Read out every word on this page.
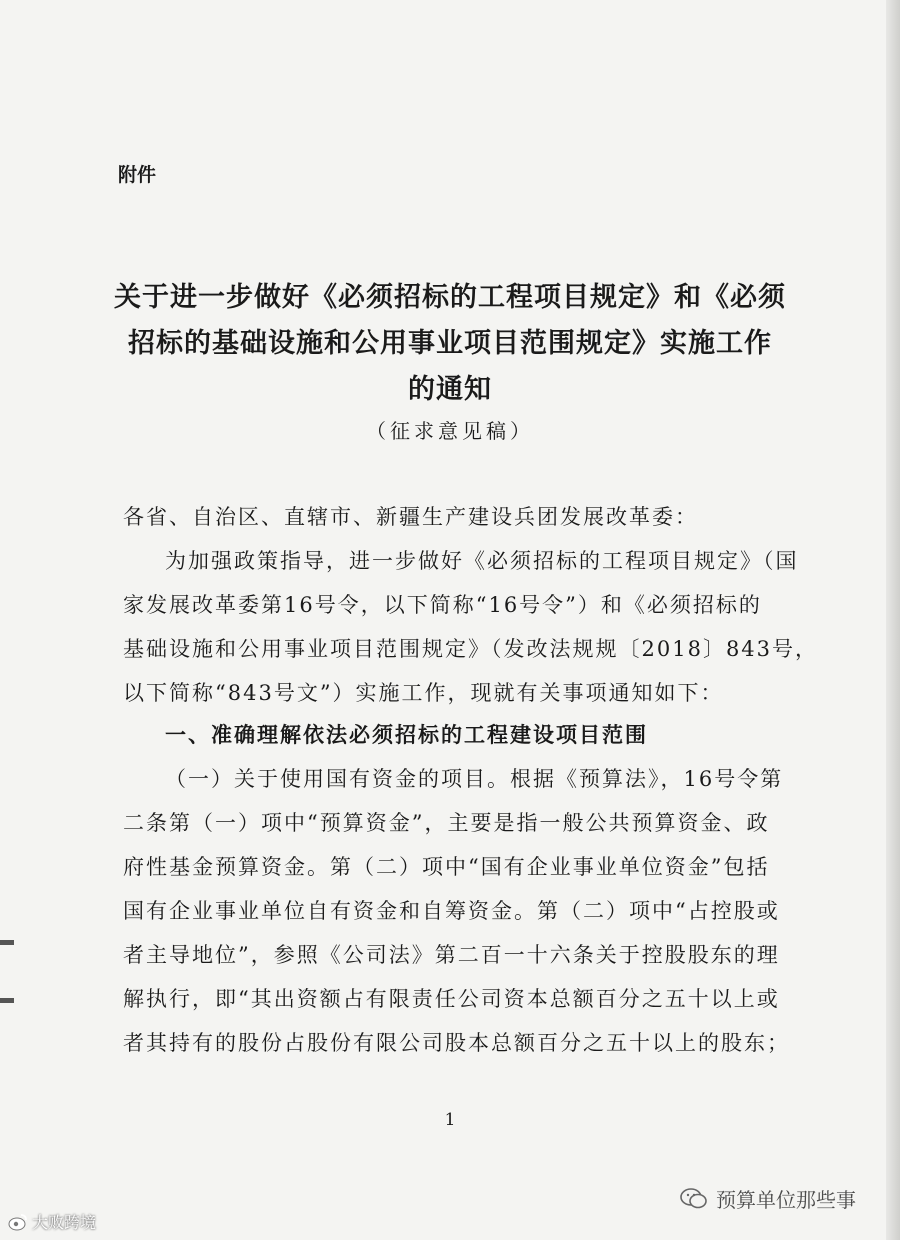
附件
关于进一步做好《必须招标的工程项目规定》和《必须
招标的基础设施和公用事业项目范围规定》实施工作
的通知
（征求意见稿）
各省、自治区、直辖市、新疆生产建设兵团发展改革委：
为加强政策指导，进一步做好《必须招标的工程项目规定》（国
家发展改革委第16号令，以下简称“16号令”）和《必须招标的
基础设施和公用事业项目范围规定》（发改法规规〔2018〕843号，
以下简称“843号文”）实施工作，现就有关事项通知如下：
一、准确理解依法必须招标的工程建设项目范围
（一）关于使用国有资金的项目。根据《预算法》，16号令第
二条第（一）项中“预算资金”，主要是指一般公共预算资金、政
府性基金预算资金。第（二）项中“国有企业事业单位资金”包括
国有企业事业单位自有资金和自筹资金。第（二）项中“占控股或
者主导地位”，参照《公司法》第二百一十六条关于控股股东的理
解执行，即“其出资额占有限责任公司资本总额百分之五十以上或
者其持有的股份占股份有限公司股本总额百分之五十以上的股东；
1
预算单位那些事
大败跨境
